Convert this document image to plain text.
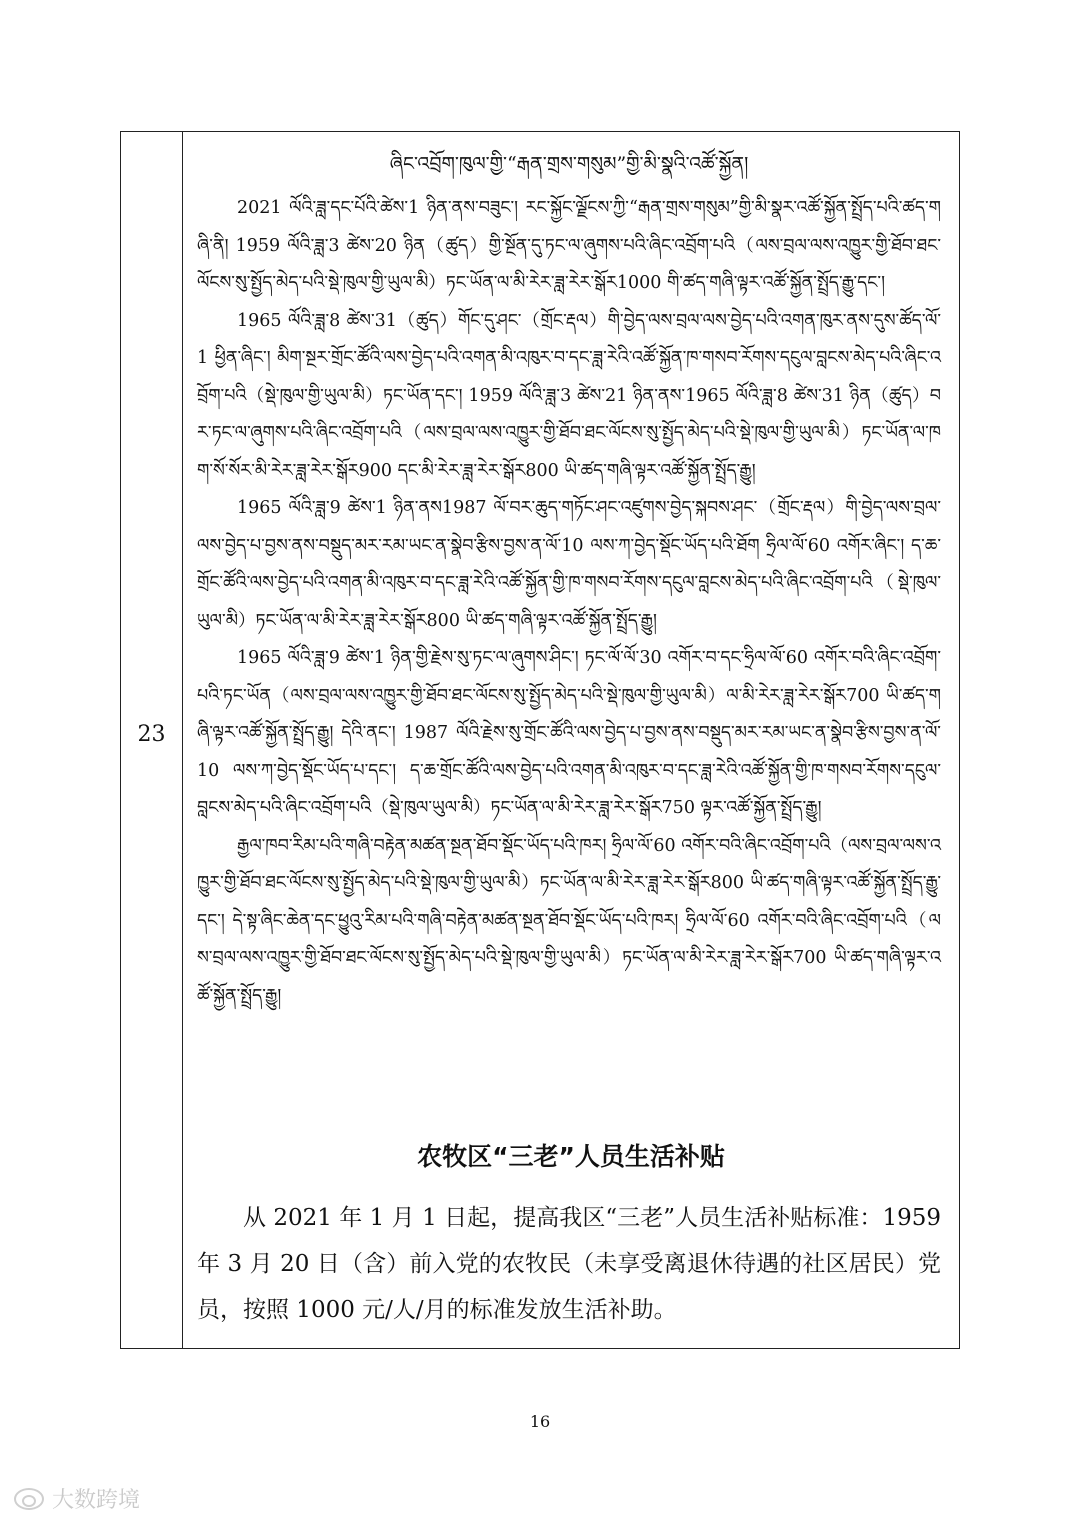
23
ཞིང་འབྲོག་ཁུལ་གྱི་“རྒན་གྲས་གསུམ”གྱི་མི་སྣའི་འཚོ་སྐྱོན།

2021 ལོའི་ཟླ་དང་པོའི་ཚེས་1 ཉིན་ནས་བཟུང་། རང་སྐྱོང་ལྗོངས་ཀྱི་“རྒན་གྲས་གསུམ”གྱི་མི་སྣར་འཚོ་སྐྱོན་སྤྲོད་པའི་ཚད་གཞི་ནི། 1959 ལོའི་ཟླ་3 ཚེས་20 ཉིན（ཚུད）གྱི་སྔོན་དུ་ཏང་ལ་ཞུགས་པའི་ཞིང་འབྲོག་པའི（ལས་བྲལ་ལས་འཁྱུར་གྱི་ཐོབ་ཐང་ལོངས་སུ་སྤྱོད་མེད་པའི་སྡེ་ཁུལ་གྱི་ཡུལ་མི）ཏང་ཡོན་ལ་མི་རེར་ཟླ་རེར་སྒོར1000 གི་ཚད་གཞི་ལྟར་འཚོ་སྐྱོན་སྤྲོད་རྒྱུ་དང་།

1965 ལོའི་ཟླ་8 ཚེས་31（ཚུད）གོང་དུ་ཤང་（གྲོང་རྡལ）གི་བྱེད་ལས་བྲལ་ལས་བྱེད་པའི་འགན་ཁུར་ནས་དུས་ཚོད་ལོ་1 ཕྱིན་ཞིང་། མིག་སྔར་གྲོང་ཚོའི་ལས་བྱེད་པའི་འགན་མི་འཁུར་བ་དང་ཟླ་རེའི་འཚོ་སྐྱོན་ཁ་གསབ་རོགས་དངུལ་བླངས་མེད་པའི་ཞིང་འབྲོག་པའི（སྡེ་ཁུལ་གྱི་ཡུལ་མི）ཏང་ཡོན་དང་། 1959 ལོའི་ཟླ་3 ཚེས་21 ཉིན་ནས་1965 ལོའི་ཟླ་8 ཚེས་31 ཉིན（ཚུད）བར་ཏང་ལ་ཞུགས་པའི་ཞིང་འབྲོག་པའི（ལས་བྲལ་ལས་འཁྱུར་གྱི་ཐོབ་ཐང་ལོངས་སུ་སྤྱོད་མེད་པའི་སྡེ་ཁུལ་གྱི་ཡུལ་མི）ཏང་ཡོན་ལ་ཁག་སོ་སོར་མི་རེར་ཟླ་རེར་སྒོར900 དང་མི་རེར་ཟླ་རེར་སྒོར800 ཡི་ཚད་གཞི་ལྟར་འཚོ་སྐྱོན་སྤྲོད་རྒྱུ།

1965 ལོའི་ཟླ་9 ཚེས་1 ཉིན་ནས1987 ལོ་བར་ཆུད་གཏོང་ཤང་འཛུགས་བྱེད་སྐབས་ཤང་（གྲོང་རྡལ）གི་བྱེད་ལས་བྲལ་ལས་བྱེད་པ་བྱས་ནས་བསྡུད་མར་རམ་ཡང་ན་སྣེབ་རྩིས་བྱས་ན་ལོ་10 ལས་ཀ་བྱེད་སྡོང་ཡོད་པའི་ཐོག ཧྲིལ་ལོ་60 འགོར་ཞིང་། ད་ཆ་གྲོང་ཚོའི་ལས་བྱེད་པའི་འགན་མི་འཁུར་བ་དང་ཟླ་རེའི་འཚོ་སྐྱོན་གྱི་ཁ་གསབ་རོགས་དངུལ་བླངས་མེད་པའི་ཞིང་འབྲོག་པའི（སྡེ་ཁུལ་ཡུལ་མི）ཏང་ཡོན་ལ་མི་རེར་ཟླ་རེར་སྒོར800 ཡི་ཚད་གཞི་ལྟར་འཚོ་སྐྱོན་སྤྲོད་རྒྱུ།

1965 ལོའི་ཟླ་9 ཚེས་1 ཉིན་གྱི་རྗེས་སུ་ཏང་ལ་ཞུགས་ཤིང་། ཏང་ལོ་ལོ་30 འགོར་བ་དང་ཧྲིལ་ལོ་60 འགོར་བའི་ཞིང་འབྲོག་པའི་ཏང་ཡོན（ལས་བྲལ་ལས་འཁྱུར་གྱི་ཐོབ་ཐང་ལོངས་སུ་སྤྱོད་མེད་པའི་སྡེ་ཁུལ་གྱི་ཡུལ་མི）ལ་མི་རེར་ཟླ་རེར་སྒོར700 ཡི་ཚད་གཞི་ལྟར་འཚོ་སྐྱོན་སྤྲོད་རྒྱུ། དེའི་ནང་། 1987 ལོའི་རྗེས་སུ་གྲོང་ཚོའི་ལས་བྱེད་པ་བྱས་ནས་བསྡུད་མར་རམ་ཡང་ན་སྣེབ་རྩིས་བྱས་ན་ལོ་10 ལས་ཀ་བྱེད་སྡོང་ཡོད་པ་དང་། ད་ཆ་གྲོང་ཚོའི་ལས་བྱེད་པའི་འགན་མི་འཁུར་བ་དང་ཟླ་རེའི་འཚོ་སྐྱོན་གྱི་ཁ་གསབ་རོགས་དངུལ་བླངས་མེད་པའི་ཞིང་འབྲོག་པའི（སྡེ་ཁུལ་ཡུལ་མི）ཏང་ཡོན་ལ་མི་རེར་ཟླ་རེར་སྒོར750 ལྟར་འཚོ་སྐྱོན་སྤྲོད་རྒྱུ།

རྒྱལ་ཁབ་རིམ་པའི་གཞི་བརྟེན་མཚན་སྔན་ཐོབ་སྡོང་ཡོད་པའི་ཁར། ཧྲིལ་ལོ་60 འགོར་བའི་ཞིང་འབྲོག་པའི（ལས་བྲལ་ལས་འཁྱུར་གྱི་ཐོབ་ཐང་ལོངས་སུ་སྤྱོད་མེད་པའི་སྡེ་ཁུལ་གྱི་ཡུལ་མི）ཏང་ཡོན་ལ་མི་རེར་ཟླ་རེར་སྒོར800 ཡི་ཚད་གཞི་ལྟར་འཚོ་སྐྱོན་སྤྲོད་རྒྱུ་དང་། དེ་སྟ་ཞིང་ཆེན་དང་ཕྱུའུ་རིམ་པའི་གཞི་བརྟེན་མཚན་སྔན་ཐོབ་སྡོང་ཡོད་པའི་ཁར། ཧྲིལ་ལོ་60 འགོར་བའི་ཞིང་འབྲོག་པའི（ལས་བྲལ་ལས་འཁྱུར་གྱི་ཐོབ་ཐང་ལོངས་སུ་སྤྱོད་མེད་པའི་སྡེ་ཁུལ་གྱི་ཡུལ་མི）ཏང་ཡོན་ལ་མི་རེར་ཟླ་རེར་སྒོར700 ཡི་ཚད་གཞི་ལྟར་འཚོ་སྐྱོན་སྤྲོད་རྒྱུ།

农牧区“三老”人员生活补贴

从 2021 年 1 月 1 日起，提高我区“三老”人员生活补贴标准：1959 年 3 月 20 日（含）前入党的农牧民（未享受离退休待遇的社区居民）党员，按照 1000 元/人/月的标准发放生活补助。

16
大数跨境
